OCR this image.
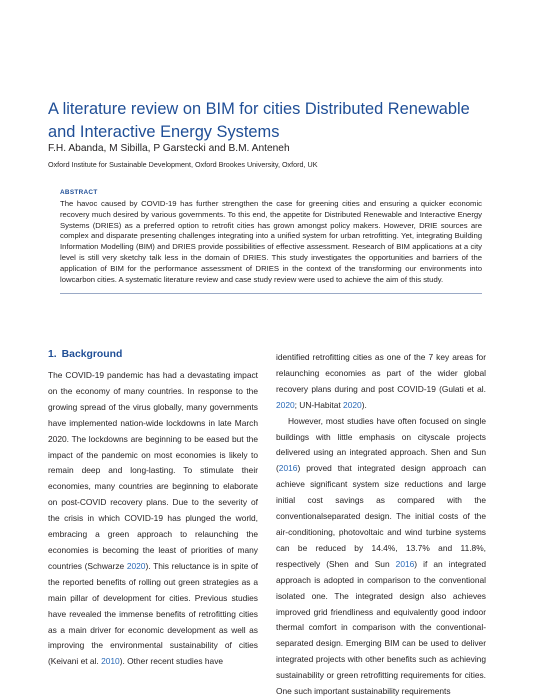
A literature review on BIM for cities Distributed Renewable and Interactive Energy Systems

F.H. Abanda, M Sibilla, P Garstecki and B.M. Anteneh

Oxford Institute for Sustainable Development, Oxford Brookes University, Oxford, UK

ABSTRACT

The havoc caused by COVID-19 has further strengthen the case for greening cities and ensuring a quicker economic recovery much desired by various governments. To this end, the appetite for Distributed Renewable and Interactive Energy Systems (DRIES) as a preferred option to retrofit cities has grown amongst policy makers. However, DRIE sources are complex and disparate presenting challenges integrating into a unified system for urban retrofitting. Yet, integrating Building Information Modelling (BIM) and DRIES provide possibilities of effective assessment. Research of BIM applications at a city level is still very sketchy talk less in the domain of DRIES. This study investigates the opportunities and barriers of the application of BIM for the performance assessment of DRIES in the context of the transforming our environments into lowcarbon cities. A systematic literature review and case study review were used to achieve the aim of this study.

1. Background

The COVID-19 pandemic has had a devastating impact on the economy of many countries. In response to the growing spread of the virus globally, many governments have implemented nation-wide lockdowns in late March 2020. The lockdowns are beginning to be eased but the impact of the pandemic on most economies is likely to remain deep and long-lasting. To stimulate their economies, many countries are beginning to elaborate on post-COVID recovery plans. Due to the severity of the crisis in which COVID-19 has plunged the world, embracing a green approach to relaunching the economies is becoming the least of priorities of many countries (Schwarze 2020). This reluctance is in spite of the reported benefits of rolling out green strategies as a main pillar of development for cities. Previous studies have revealed the immense benefits of retrofitting cities as a main driver for economic development as well as improving the environmental sustainability of cities (Keivani et al. 2010). Other recent studies have

identified retrofitting cities as one of the 7 key areas for relaunching economies as part of the wider global recovery plans during and post COVID-19 (Gulati et al. 2020; UN-Habitat 2020).

However, most studies have often focused on single buildings with little emphasis on cityscale projects delivered using an integrated approach. Shen and Sun (2016) proved that integrated design approach can achieve significant system size reductions and large initial cost savings as compared with the conventionalseparated design. The initial costs of the air-conditioning, photovoltaic and wind turbine systems can be reduced by 14.4%, 13.7% and 11.8%, respectively (Shen and Sun 2016) if an integrated approach is adopted in comparison to the conventional isolated one. The integrated design also achieves improved grid friendliness and equivalently good indoor thermal comfort in comparison with the conventional-separated design. Emerging BIM can be used to deliver integrated projects with other benefits such as achieving sustainability or green retrofitting requirements for cities. One such important sustainability requirements
